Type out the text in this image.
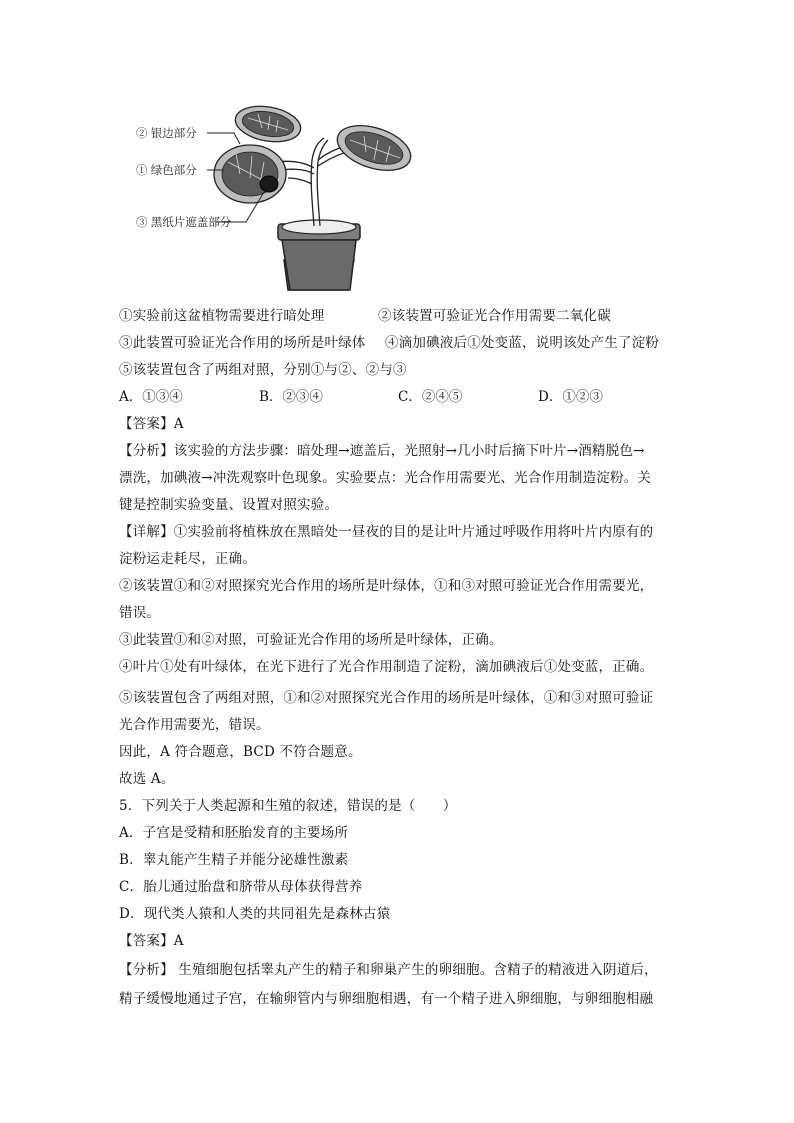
② 银边部分
① 绿色部分
③ 黑纸片遮盖部分
①实验前这盆植物需要进行暗处理	②该装置可验证光合作用需要二氧化碳
③此装置可验证光合作用的场所是叶绿体 ④滴加碘液后①处变蓝，说明该处产生了淀粉
⑤该装置包含了两组对照，分别①与②、②与③
A．①③④	B．②③④	C．②④⑤	D．①②③
【答案】A
【分析】该实验的方法步骤：暗处理→遮盖后，光照射→几小时后摘下叶片→酒精脱色→
漂洗，加碘液→冲洗观察叶色现象。实验要点：光合作用需要光、光合作用制造淀粉。关
键是控制实验变量、设置对照实验。
【详解】①实验前将植株放在黑暗处一昼夜的目的是让叶片通过呼吸作用将叶片内原有的
淀粉运走耗尽，正确。
②该装置①和②对照探究光合作用的场所是叶绿体，①和③对照可验证光合作用需要光，
错误。
③此装置①和②对照，可验证光合作用的场所是叶绿体，正确。
④叶片①处有叶绿体，在光下进行了光合作用制造了淀粉，滴加碘液后①处变蓝，正确。
⑤该装置包含了两组对照，①和②对照探究光合作用的场所是叶绿体，①和③对照可验证
光合作用需要光，错误。
因此，A 符合题意，BCD 不符合题意。
故选 A。
5．下列关于人类起源和生殖的叙述，错误的是（　　）
A．子宫是受精和胚胎发育的主要场所
B．睾丸能产生精子并能分泌雄性激素
C．胎儿通过胎盘和脐带从母体获得营养
D．现代类人猿和人类的共同祖先是森林古猿
【答案】A
【分析】 生殖细胞包括睾丸产生的精子和卵巢产生的卵细胞。含精子的精液进入阴道后，
精子缓慢地通过子宫，在输卵管内与卵细胞相遇，有一个精子进入卵细胞，与卵细胞相融
